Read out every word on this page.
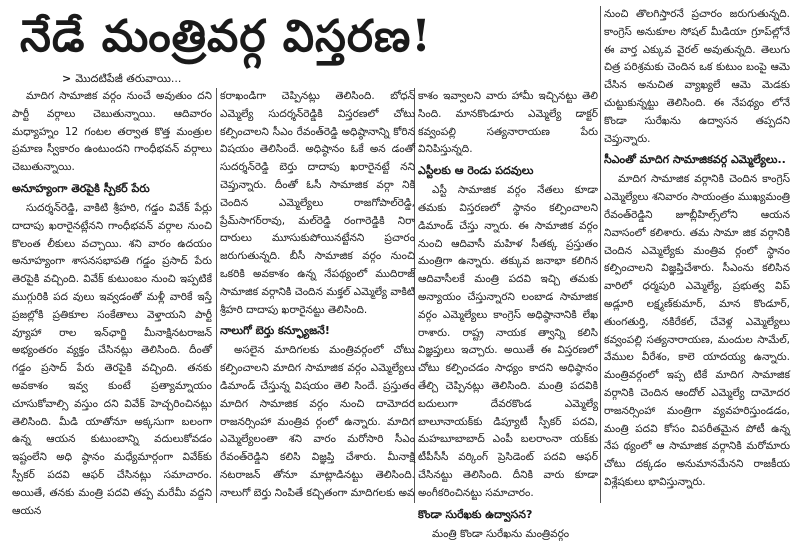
నేడే మంత్రివర్గ విస్తరణ!
> మొదటిపేజీ తరువాయి...

మాదిగ సామాజిక వర్గం నుంచే అవుతుం దని పార్టీ వర్గాలు చెబుతున్నాయి. ఆదివారం మధ్యాహ్నం 12 గంటల తర్వాత కొత్త మంత్రుల ప్రమాణ స్వీకారం ఉంటుందని గాంధీభవన్ వర్గాలు చెబుతున్నాయి.

అనూహ్యంగా తెరపైకి స్పీకర్ పేరు

సుదర్శన్‌రెడ్డి, వాకిటి శ్రీహరి, గడ్డం వివేక్ పేర్లు దాదాపు ఖరారైనట్లేనని గాంధీభవన్ వర్గాల నుంచి కొలంత లీకులు వచ్చాయి. శని వారం ఉదయం అనూహ్యంగా శాసనసభాపతి గడ్డం ప్రసాద్ పేరు తెరపైకి వచ్చింది. వివేక్ కుటుంబం నుంచి ఇప్పటికే ముగ్గురికి పద వులు ఇవ్వడంతో మళ్లీ వారికే ఇస్తే ప్రజల్లోకి ప్రతికూల సంకేతాలు వెళ్తాయని పార్టీ వ్యూహా రాల ఇన్‌ఛార్జి మీనాక్షినటరాజన్ అభ్యంతరం వ్యక్తం చేసినట్లు తెలిసింది. దీంతో గడ్డం ప్రసాద్ పేరు తెరపైకి వచ్చింది. తనకు అవకాశం ఇవ్వ కుంటే ప్రత్యామ్నాయం చూసుకోవాల్సి వస్తుం దని వివేక్ హెచ్చరించినట్లు తెలిసింది. మీడి యాతోనూ అక్కసుగా బలంగా ఉన్న ఆయన కుటుంబాన్ని వదులుకోవడం ఇష్టంలేని అధి ష్ఠానం మధ్యేమార్గంగా వివేక్‌కు స్పీకర్ పదవి ఆఫర్ చేసినట్లు సమాచారం. అయితే, తనకు మంత్రి పదవి తప్ప మరేమీ వద్దని ఆయన

కరాఖండిగా చెప్పినట్లు తెలిసింది. బోధన్ ఎమ్మెల్యే సుదర్శన్‌రెడ్డికి విస్తరణలో చోటు కల్పించాలని సీఎం రేవంత్‌రెడ్డి అధిష్ఠానాన్ని కోరిన విషయం తెలిసిందే. అధిష్ఠానం ఓకే అన డంతో సుదర్శన్‌రెడ్డి బెర్తు దాదాపు ఖరారైనట్టే నని చెప్తున్నారు. దీంతో ఓసీ సామాజిక వర్గా నికి చెందిన ఎమ్మెల్యేలు రాజగోపాల్‌రెడ్డి, ప్రేమ్‌సాగర్‌రావు, మల్‌రెడ్డి రంగారెడ్డికి నిరా దారులు మూసుకుపోయినట్టేనని ప్రచారం జరుగుతున్నది. బీసీ సామాజిక వర్గం నుంచి ఒకరికి అవకాశం ఉన్న నేపథ్యంలో ముదిరాజ్ సామాజిక వర్గానికి చెందిన మక్తల్ ఎమ్మెల్యే వాకిటి శ్రీహరి దాదాపు ఖరారైనట్టు తెలిసింది.

నాలుగో బెర్తు కన్ఫ్యూజనే!

అసలైన మాదిగలకు మంత్రివర్గంలో చోటు కల్పించాలని మాదిగ సామాజిక వర్గం ఎమ్మెల్యేలు డిమాండ్ చేస్తున్న విషయం తెలి సిందే. ప్రస్తుతం మాదిగ సామాజిక వర్గం నుంచి దామోదర రాజనర్సింహా మంత్రివ ర్గంలో ఉన్నారు. మాదిగ ఎమ్మెల్యేలంతా శని వారం మరోసారి సీఎం రేవంత్‌రెడ్డిని కలిసి విజ్ఞప్తి చేశారు. మీనాక్షి నటరాజన్ తోనూ మాట్లాడినట్టు తెలిసింది. నాలుగో బెర్తు నింపితే కచ్చితంగా మాదిగలకు అవ

కాశం ఇవ్వాలని వారు హామీ ఇచ్చినట్టు తెలి సింది. మానకొండూరు ఎమ్మెల్యే డాక్టర్ కవ్వంపల్లి సత్యనారాయణ పేరు వినిపిస్తున్నది.

ఎస్టీలకు ఆ రెండు పదవులు

ఎస్టీ సామాజిక వర్గం నేతలు కూడా తమకు విస్తరణలో స్థానం కల్పించాలని డిమాండ్ చేస్తు న్నారు. ఈ సామాజిక వర్గం నుంచి ఆదివాసీ మహిళ సీతక్క ప్రస్తుతం మంత్రిగా ఉన్నారు. తక్కువ జనాభా కలిగిన ఆదివాసీలకే మంత్రి పదవి ఇచ్చి తమకు అన్యాయం చేస్తున్నారని లంబాడ సామాజిక వర్గం ఎమ్మెల్యేలు కాంగ్రెస్ అధిష్ఠానానికి లేఖ రాశారు. రాష్ట్ర నాయక త్వాన్ని కలిసి విజ్ఞప్తులు ఇచ్చారు. అయితే ఈ విస్తరణలో చోటు కల్పించడం సాధ్యం కాదని అధిష్ఠానం తేల్చి చెప్పినట్లు తెలిసింది. మంత్రి పదవికి బదులుగా దేవరకొండ ఎమ్మెల్యే బాలూనాయక్‌కు డిప్యూటీ స్పీకర్ పదవి, మహబూబాబాద్ ఎంపీ బలరాంనా యక్‌కు టీపీసీసీ వర్కింగ్ ప్రెసిడెంట్ పదవి ఆఫర్ చేసినట్టు తెలిసింది. దీనికి వారు కూడా అంగీకరించినట్టు సమాచారం.

కొండా సురేఖకు ఉద్వాసన?

మంత్రి కొండా సురేఖను మంత్రివర్గం

నుంచి తొలగిస్తారనే ప్రచారం జరుగుతున్నది. కాంగ్రెస్ అనుకూల సోషల్ మీడియా గ్రూప్‌ల్లోనే ఈ వార్త ఎక్కువ వైరల్ అవుతున్నది. తెలుగు చిత్ర పరిశ్రమకు చెందిన ఒక కుటుం బంపై ఆమె చేసిన అనుచిత వ్యాఖ్యలే ఆమె మెడకు చుట్టుకున్నట్టు తెలిసింది. ఈ నేపథ్యం లోనే కొండా సురేఖను ఉద్వాసన తప్పదని చెప్తున్నారు.

సీఎంతో మాదిగ సామాజికవర్గ ఎమ్మెల్యేలు..

మాదిగ సామాజిక వర్గానికి చెందిన కాంగ్రెస్ ఎమ్మెల్యేలు శనివారం సాయంత్రం ముఖ్యమంత్రి రేవంత్‌రెడ్డిని జూబ్లీహిల్స్‌లోని ఆయన నివాసంలో కలిశారు. తమ సామా జిక వర్గానికి చెందిన ఎమ్మెల్యేకు మంత్రివ ర్గంలో స్థానం కల్పించాలని విజ్ఞప్తిచేశారు. సీఎంను కలిసిన వారిలో ధర్మపురి ఎమ్మెల్యే, ప్రభుత్వ విప్ అడ్లూరి లక్ష్మణ్‌కుమార్, మాన కొండూర్, తుంగతుర్తి, నకిరేకల్, చేవెళ్ల ఎమ్మెల్యేలు కవ్వంపల్లి సత్యనారాయణ, మందుల సామేల్, వేముల వీరేశం, కాలె యాదయ్య ఉన్నారు. మంత్రివర్గంలో ఇప్ప టికే మాదిగ సామాజిక వర్గానికి చెందిన ఆందోల్ ఎమ్మెల్యే దామోదర రాజనర్సింహా మంత్రిగా వ్యవహరిస్తుండడం, మంత్రి పదవి కోసం విపరీతమైన పోటీ ఉన్న నేప థ్యంలో ఆ సామాజిక వర్గానికి మరోమారు చోటు దక్కడం అనుమానమేనని రాజకీయ విశ్లేషకులు భావిస్తున్నారు.
